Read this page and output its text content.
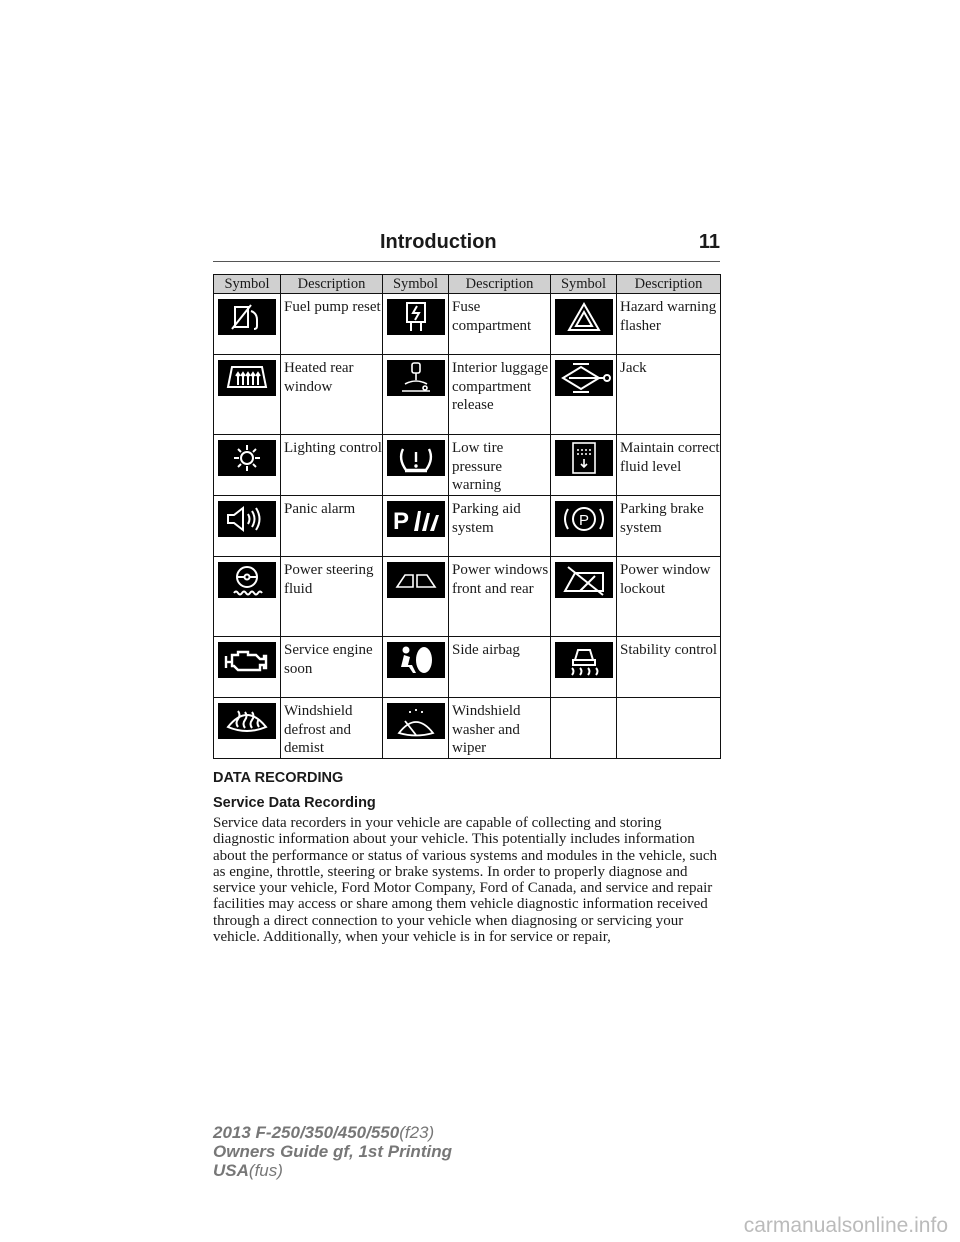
Introduction	11
Symbol	Description	Symbol	Description	Symbol	Description

	Fuel pump reset		Fuse compartment		Hazard warning flasher

	Heated rear window		Interior luggage compartment release		Jack

	Lighting control		Low tire pressure warning		Maintain correct fluid level

	Panic alarm	P	Parking aid system	P	Parking brake system

	Power steering fluid		Power windows front and rear		Power window lockout

	Service engine soon		Side airbag		Stability control

	Windshield defrost and demist		Windshield washer and wiper		
DATA RECORDING
Service Data Recording

Service data recorders in your vehicle are capable of collecting and storing diagnostic information about your vehicle. This potentially includes information about the performance or status of various systems and modules in the vehicle, such as engine, throttle, steering or brake systems. In order to properly diagnose and service your vehicle, Ford Motor Company, Ford of Canada, and service and repair facilities may access or share among them vehicle diagnostic information received through a direct connection to your vehicle when diagnosing or servicing your vehicle. Additionally, when your vehicle is in for service or repair,

2013 F-250/350/450/550(f23)
Owners Guide gf, 1st Printing
USA(fus)
carmanualsonline.info
